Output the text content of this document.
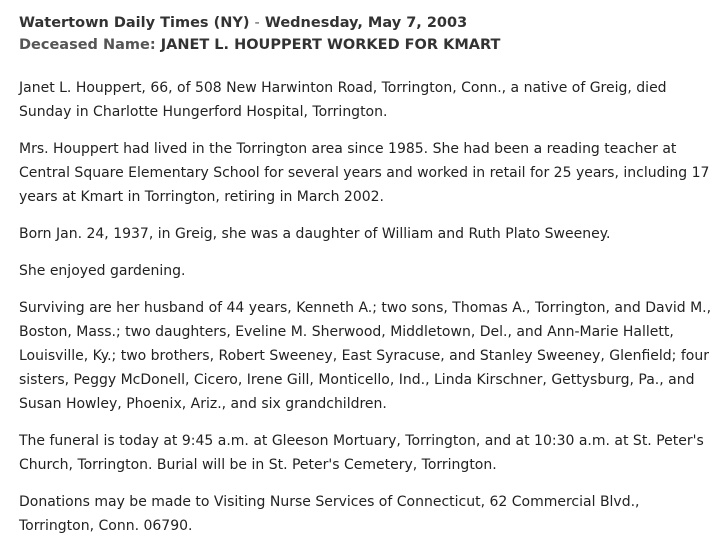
Watertown Daily Times (NY) - Wednesday, May 7, 2003
Deceased Name: JANET L. HOUPPERT WORKED FOR KMART

Janet L. Houppert, 66, of 508 New Harwinton Road, Torrington, Conn., a native of Greig, died Sunday in Charlotte Hungerford Hospital, Torrington.

Mrs. Houppert had lived in the Torrington area since 1985. She had been a reading teacher at Central Square Elementary School for several years and worked in retail for 25 years, including 17 years at Kmart in Torrington, retiring in March 2002.

Born Jan. 24, 1937, in Greig, she was a daughter of William and Ruth Plato Sweeney.

She enjoyed gardening.

Surviving are her husband of 44 years, Kenneth A.; two sons, Thomas A., Torrington, and David M., Boston, Mass.; two daughters, Eveline M. Sherwood, Middletown, Del., and Ann-Marie Hallett, Louisville, Ky.; two brothers, Robert Sweeney, East Syracuse, and Stanley Sweeney, Glenfield; four sisters, Peggy McDonell, Cicero, Irene Gill, Monticello, Ind., Linda Kirschner, Gettysburg, Pa., and Susan Howley, Phoenix, Ariz., and six grandchildren.

The funeral is today at 9:45 a.m. at Gleeson Mortuary, Torrington, and at 10:30 a.m. at St. Peter's Church, Torrington. Burial will be in St. Peter's Cemetery, Torrington.

Donations may be made to Visiting Nurse Services of Connecticut, 62 Commercial Blvd., Torrington, Conn. 06790.
